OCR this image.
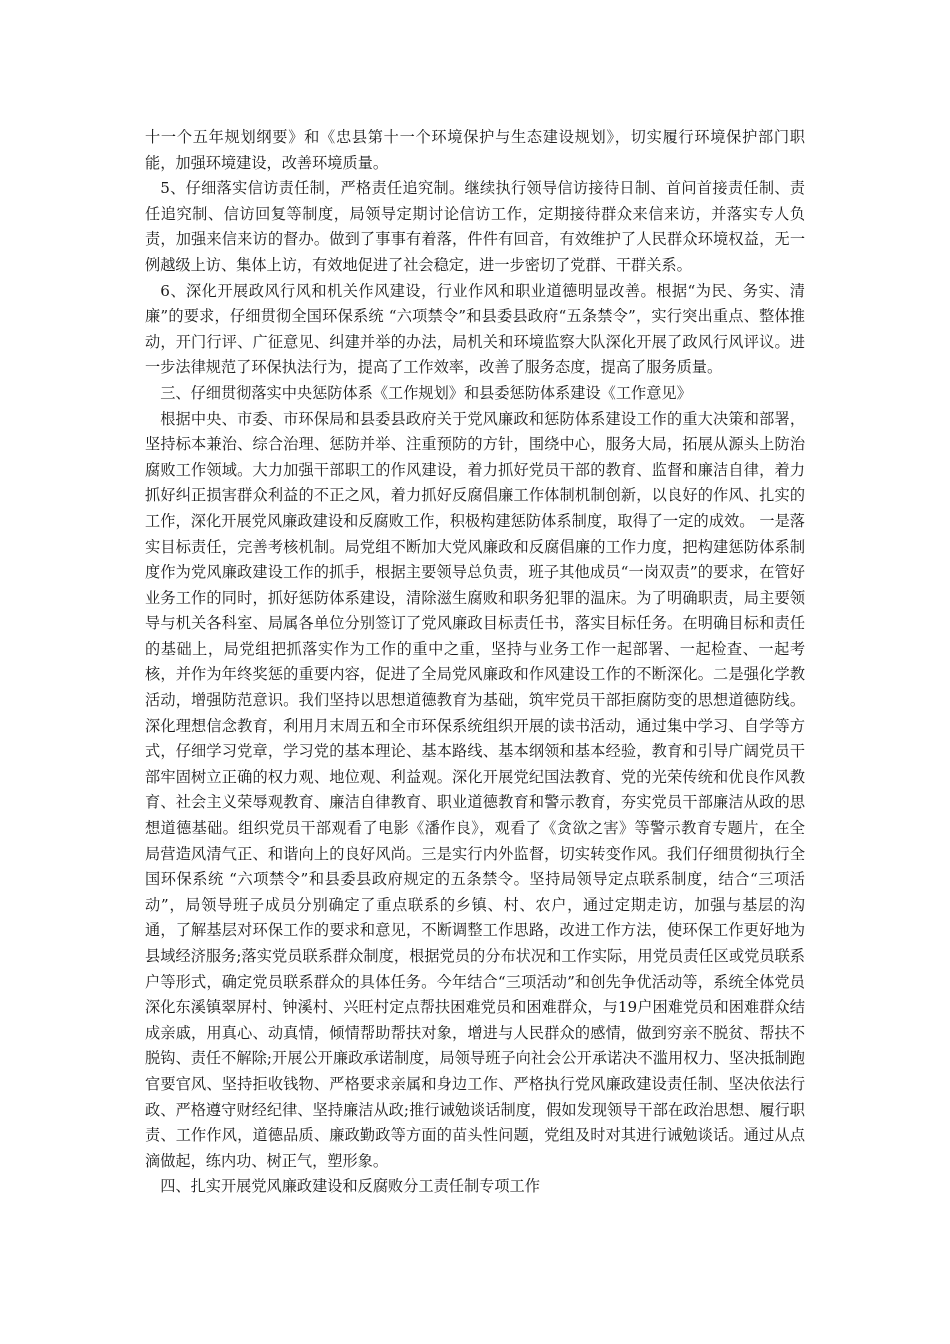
十一个五年规划纲要》和《忠县第十一个环境保护与生态建设规划》，切实履行环境保护部门职能，加强环境建设，改善环境质量。

5、仔细落实信访责任制，严格责任追究制。继续执行领导信访接待日制、首问首接责任制、责任追究制、信访回复等制度，局领导定期讨论信访工作，定期接待群众来信来访，并落实专人负责，加强来信来访的督办。做到了事事有着落，件件有回音，有效维护了人民群众环境权益，无一例越级上访、集体上访，有效地促进了社会稳定，进一步密切了党群、干群关系。

6、深化开展政风行风和机关作风建设，行业作风和职业道德明显改善。根据“为民、务实、清廉”的要求，仔细贯彻全国环保系统 “六项禁令”和县委县政府“五条禁令”，实行突出重点、整体推动，开门行评、广征意见、纠建并举的办法，局机关和环境监察大队深化开展了政风行风评议。进一步法律规范了环保执法行为，提高了工作效率，改善了服务态度，提高了服务质量。

三、仔细贯彻落实中央惩防体系《工作规划》和县委惩防体系建设《工作意见》

根据中央、市委、市环保局和县委县政府关于党风廉政和惩防体系建设工作的重大决策和部署，坚持标本兼治、综合治理、惩防并举、注重预防的方针，围绕中心，服务大局，拓展从源头上防治腐败工作领域。大力加强干部职工的作风建设，着力抓好党员干部的教育、监督和廉洁自律，着力抓好纠正损害群众利益的不正之风，着力抓好反腐倡廉工作体制机制创新，以良好的作风、扎实的工作，深化开展党风廉政建设和反腐败工作，积极构建惩防体系制度，取得了一定的成效。 一是落实目标责任，完善考核机制。局党组不断加大党风廉政和反腐倡廉的工作力度，把构建惩防体系制度作为党风廉政建设工作的抓手，根据主要领导总负责，班子其他成员“一岗双责”的要求，在管好业务工作的同时，抓好惩防体系建设，清除滋生腐败和职务犯罪的温床。为了明确职责，局主要领导与机关各科室、局属各单位分别签订了党风廉政目标责任书，落实目标任务。在明确目标和责任的基础上，局党组把抓落实作为工作的重中之重，坚持与业务工作一起部署、一起检查、一起考核，并作为年终奖惩的重要内容，促进了全局党风廉政和作风建设工作的不断深化。二是强化学教活动，增强防范意识。我们坚持以思想道德教育为基础，筑牢党员干部拒腐防变的思想道德防线。深化理想信念教育，利用月末周五和全市环保系统组织开展的读书活动，通过集中学习、自学等方式，仔细学习党章，学习党的基本理论、基本路线、基本纲领和基本经验，教育和引导广阔党员干部牢固树立正确的权力观、地位观、利益观。深化开展党纪国法教育、党的光荣传统和优良作风教育、社会主义荣辱观教育、廉洁自律教育、职业道德教育和警示教育，夯实党员干部廉洁从政的思想道德基础。组织党员干部观看了电影《潘作良》，观看了《贪欲之害》等警示教育专题片，在全局营造风清气正、和谐向上的良好风尚。三是实行内外监督，切实转变作风。我们仔细贯彻执行全国环保系统 “六项禁令”和县委县政府规定的五条禁令。坚持局领导定点联系制度，结合“三项活动”，局领导班子成员分别确定了重点联系的乡镇、村、农户，通过定期走访，加强与基层的沟通，了解基层对环保工作的要求和意见，不断调整工作思路，改进工作方法，使环保工作更好地为县域经济服务;落实党员联系群众制度，根据党员的分布状况和工作实际，用党员责任区或党员联系户等形式，确定党员联系群众的具体任务。今年结合“三项活动”和创先争优活动等，系统全体党员深化东溪镇翠屏村、钟溪村、兴旺村定点帮扶困难党员和困难群众，与19户困难党员和困难群众结成亲戚，用真心、动真情，倾情帮助帮扶对象，增进与人民群众的感情，做到穷亲不脱贫、帮扶不脱钩、责任不解除;开展公开廉政承诺制度，局领导班子向社会公开承诺决不滥用权力、坚决抵制跑官要官风、坚持拒收钱物、严格要求亲属和身边工作、严格执行党风廉政建设责任制、坚决依法行政、严格遵守财经纪律、坚持廉洁从政;推行诫勉谈话制度，假如发现领导干部在政治思想、履行职责、工作作风，道德品质、廉政勤政等方面的苗头性问题，党组及时对其进行诫勉谈话。通过从点滴做起，练内功、树正气，塑形象。

四、扎实开展党风廉政建设和反腐败分工责任制专项工作
